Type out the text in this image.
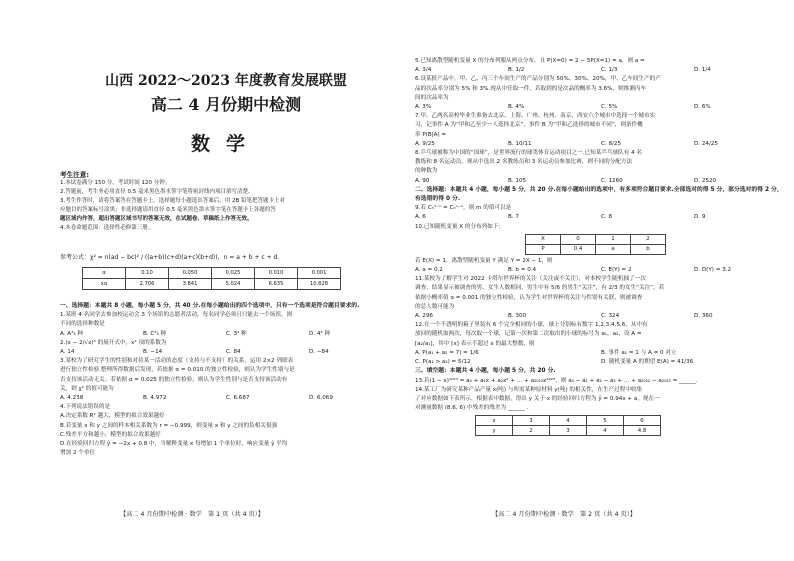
山西 2022～2023 年度教育发展联盟
高二 4 月份期中检测
数学
考生注意:
1.本试卷满分 150 分，考试时间 120 分钟。
2.答题前，考生务必用直径 0.5 毫米黑色墨水签字笔将密封线内项目填写清楚。
3.考生作答时，请将答案答在答题卡上。选择题每小题选出答案后，用 2B 铅笔把答题卡上对
应题目的答案标号涂黑；非选择题请用直径 0.5 毫米黑色墨水签字笔在答题卡上各题的答
题区域内作答，超出答题区域书写的答案无效，在试题卷、草稿纸上作答无效。
4.本卷命题范围：选择性必修第三册。
参考公式：χ² = n(ad − bc)² / ((a+b)(c+d)(a+c)(b+d))，n = a + b + c + d.
α	0.10	0.050	0.025	0.010	0.001
xα	2.706	3.841	5.024	6.635	10.828

一、选择题：本题共 8 小题，每小题 5 分，共 40 分.在每小题给出的四个选项中，只有一个选项是符合题目要求的.

1.某班 4 名同学去参加校运动会 3 个场馆的志愿者活动，每名同学必须且只能去一个场馆，则

不同的选择种数是

A. A⁴₃ 种	B. C⁴₃ 种	C. 3⁴ 种	D. 4³ 种

2.(x − 2/√x)⁵ 的展开式中，x² 项的系数为

A. 14	B. −14	C. 84	D. −84

3.某校为了研究学生的性别和对待某一活动的态度（支持与不支持）的关系，运用 2×2 列联表

进行独立性检验.整理所得数据后发现，若依据 α = 0.010 的独立性检验，则认为学生性别与是

否支持该活动无关；若依据 α = 0.025 的独立性检验，则认为学生性别与是否支持该活动有

关，则 χ² 的值可能为

A. 4.238	B. 4.972	C. 6.687	D. 6.069

4.下列说法错误的是

A.决定系数 R² 越大，模型的拟合效果越好

B.若变量 x 和 y 之间的样本相关系数为 r = −0.999，则变量 x 和 y 之间的负相关很强

C.残差平方和越小，模型的拟合效果越好

D.在经验回归方程 ŷ = −2x + 0.8 中，当解释变量 x 每增加 1 个单位时，响应变量 ŷ 平均

增加 2 个单位

【高二 4 月份期中检测 · 数学　第 1 页（共 4 页）】

5.已知离散型随机变量 X 的分布列服从两点分布，且 P(X=0) = 2 − 5P(X=1) = a，则 a =

A. 3/4	B. 1/2	C. 1/3	D. 1/4

6.设某批产品中，甲、乙、丙三个车间生产的产品分别为 50%、30%、20%，甲、乙车间生产的产

品的次品率分别为 5% 和 3%.现从中任取一件，若取到的是次品的概率为 3.6%，则推测丙车

间的次品率为

A. 3%	B. 4%	C. 5%	D. 6%

7.甲、乙两名高校毕业生准备去北京、上海、广州、杭州、南京、西安六个城市中选择一个城市实

习，记事件 A 为“甲和乙至少一人选择北京”，事件 B 为“甲和乙选择的城市不同”，则条件概

率 P(B|A) =

A. 9/25	B. 10/11	C. 8/25	D. 24/25

8.乒乓球被称为中国的“国球”，是世界流行的球类体育运动项目之一.已知某乒乓球队有 4 名

教练和 8 名运动员，现从中选出 2 名教练员和 3 名运动员参加比赛，则不同的分配方法

的种数为

A. 90	B. 105	C. 1260	D. 2520

二、选择题：本题共 4 小题，每小题 5 分，共 20 分.在每小题给出的选项中，有多项符合题目要求.全部选对的得 5 分，部分选对的得 2 分，有选错的得 0 分.

9.若 Cₙ¹⁻ⁿ = Cₙⁿ⁻¹，则 m 的值可以是

A. 6	B. 7	C. 8	D. 9

10.已知随机变量 X 的分布列如下：

X	0	1	2
P	0.4	a	b

若 E(X) = 1，离散型随机变量 Y 满足 Y = 2X − 1，则

A. a = 0.2	B. b = 0.4	C. E(Y) = 2	D. D(Y) = 3.2

11.某校为了解学生对 2022 卡塔尔世界杯的关注（关注或不关注），对本校学生随机抽了一次

调查，结果显示被调查的男、女生人数相同，男生中有 5/6 的男生“关注”，有 2/3 的女生“关注”，若

依据小概率值 α = 0.001 的独立性检验，认为学生对世界杯的关注与性别有关联，则被调查

的总人数可能为

A. 296	B. 300	C. 324	D. 360

12.在一个不透明的箱子里装有 6 个完全相同的小球，球上分别标有数字 1,2,3,4,5,6，从中有

放回的随机取两次，每次取一个球，记第一次和第二次取出的小球的标号为 a₁，a₂，设 A =

[a₂/a₁]，其中 [x] 表示不超过 x 的最大整数，则

A. P(a₁ + a₂ = 7) = 1/6	B. 事件 a₁ = 1 与 A = 0 对立
C. P(a₁ > a₂) = 5/12	D. 随机变量 A 的期望 E(A) = 41/36

三、填空题：本题共 4 小题，每小题 5 分，共 20 分.

13.若(1 − x)²⁰²³ = a₀ + a₁x + a₂x² + … + a₂₀₂₃x²⁰²³，则 a₀ − a₁ + a₂ − a₃ + … + a₂₀₂₂ − a₂₀₂₃ = ______.

14.某工厂为研究某种产品产量 x(吨) 与所需某种原材料 y(吨) 的相关性，在生产过程中收集

了对应数据如下表所示，根据表中数据，得出 y 关于 x 的经验回归方程为 ŷ = 0.94x + a，现在一

对测量数据 (8.6, 6) 中残差的残差为 ______ .

x	3	4	5	6
y	2	3	4	4.8
【高二 4 月份期中检测 · 数学　第 2 页（共 4 页）】
